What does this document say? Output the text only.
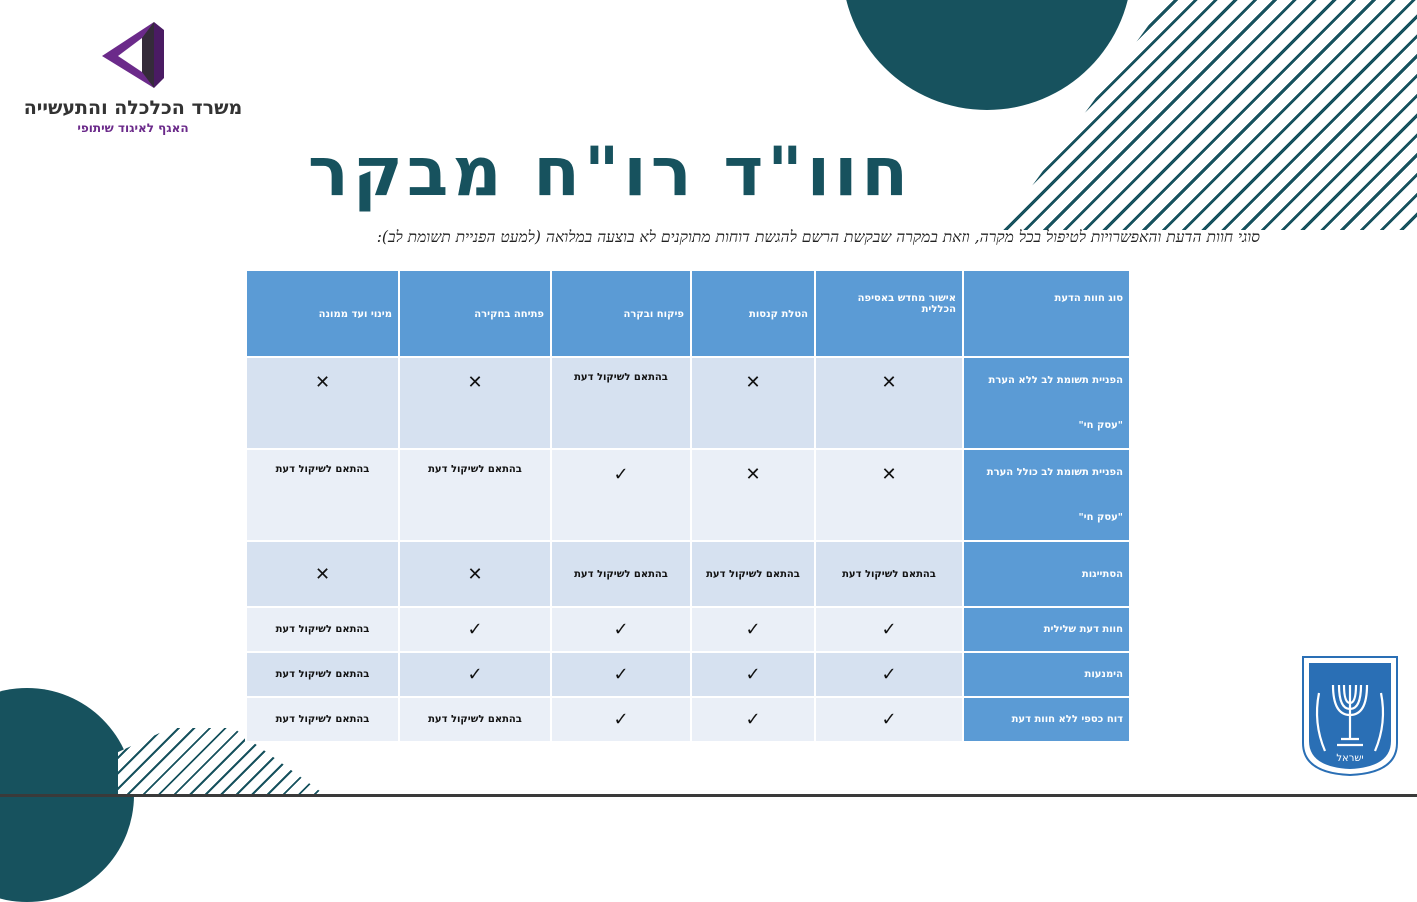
משרד הכלכלה והתעשייה
האגף לאיגוד שיתופי
חוו"ד רו"ח מבקר
סוגי חוות הדעת והאפשרויות לטיפול בכל מקרה, וזאת במקרה שבקשת הרשם להגשת דוחות מתוקנים לא בוצעה במלואה (למעט הפניית תשומת לב):
סוג חוות הדעת	אישור מחדש באסיפה הכללית	הטלת קנסות	פיקוח ובקרה	פתיחה בחקירה	מינוי ועד ממונה
הפניית תשומת לב ללא הערת "עסק חי"	✕	✕	בהתאם לשיקול דעת	✕	✕
הפניית תשומת לב כולל הערת "עסק חי"	✕	✕	✓	בהתאם לשיקול דעת	בהתאם לשיקול דעת
הסתייגות	בהתאם לשיקול דעת	בהתאם לשיקול דעת	בהתאם לשיקול דעת	✕	✕
חוות דעת שלילית	✓	✓	✓	✓	בהתאם לשיקול דעת
הימנעות	✓	✓	✓	✓	בהתאם לשיקול דעת
דוח כספי ללא חוות דעת	✓	✓	✓	בהתאם לשיקול דעת	בהתאם לשיקול דעת
ישראל
